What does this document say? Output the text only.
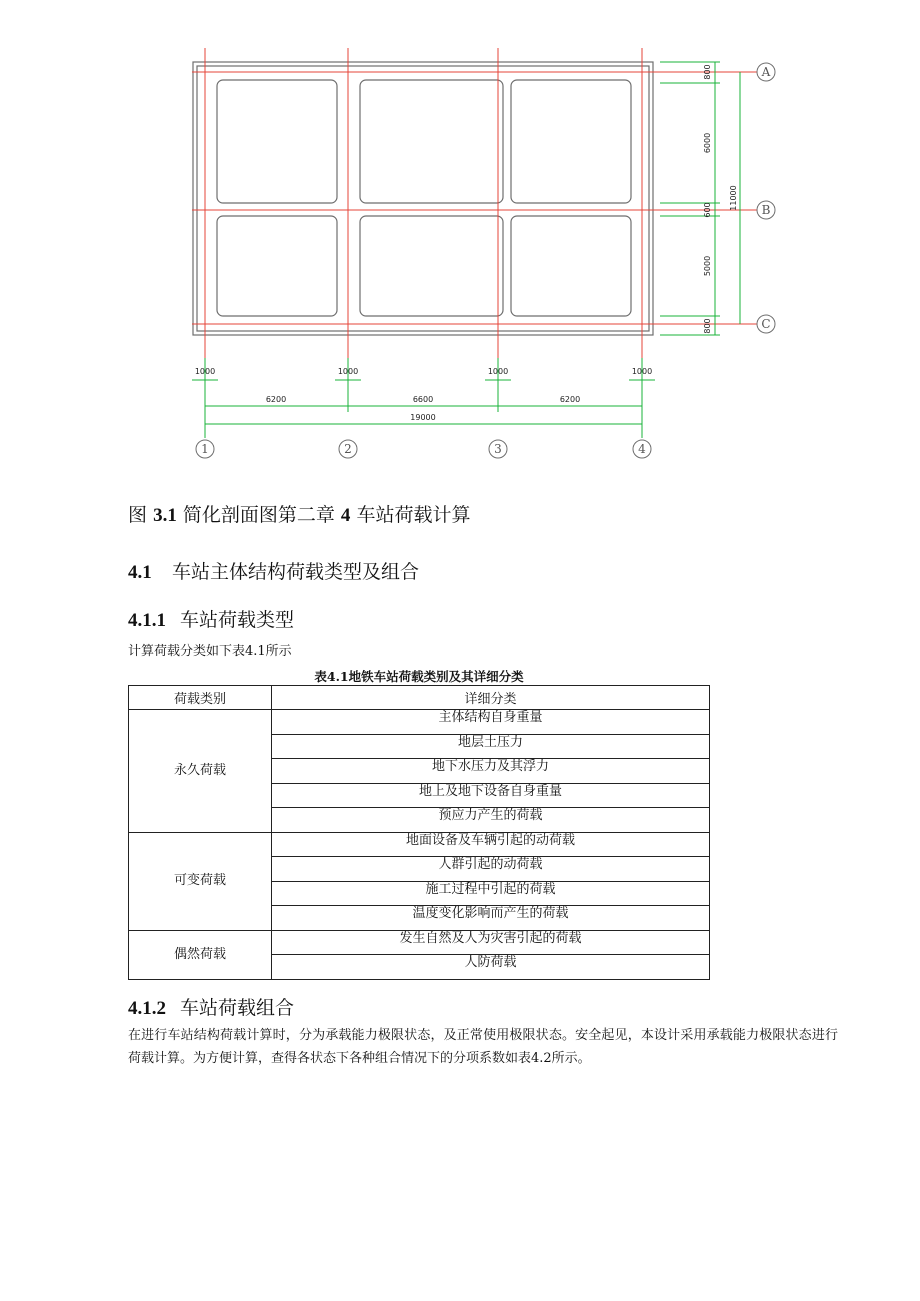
800
6000
600
5000
800
11000
1000	1000	1000	1000
6200	6600	6200
19000
A
B
C
1	2	3	4
图 3.1 简化剖面图第二章 4 车站荷载计算
4.1 车站主体结构荷载类型及组合
4.1.1 车站荷载类型
计算荷载分类如下表4.1所示
表4.1地铁车站荷载类别及其详细分类
荷载类别	详细分类
永久荷载	主体结构自身重量
	地层土压力
	地下水压力及其浮力
	地上及地下设备自身重量
	预应力产生的荷载
可变荷载	地面设备及车辆引起的动荷载
	人群引起的动荷载
	施工过程中引起的荷载
	温度变化影响而产生的荷载
偶然荷载	发生自然及人为灾害引起的荷载
	人防荷载
4.1.2 车站荷载组合
在进行车站结构荷载计算时，分为承载能力极限状态，及正常使用极限状态。安全起见，本设计采用承载能力极限状态进行荷载计算。为方便计算，查得各状态下各种组合情况下的分项系数如表4.2所示。
